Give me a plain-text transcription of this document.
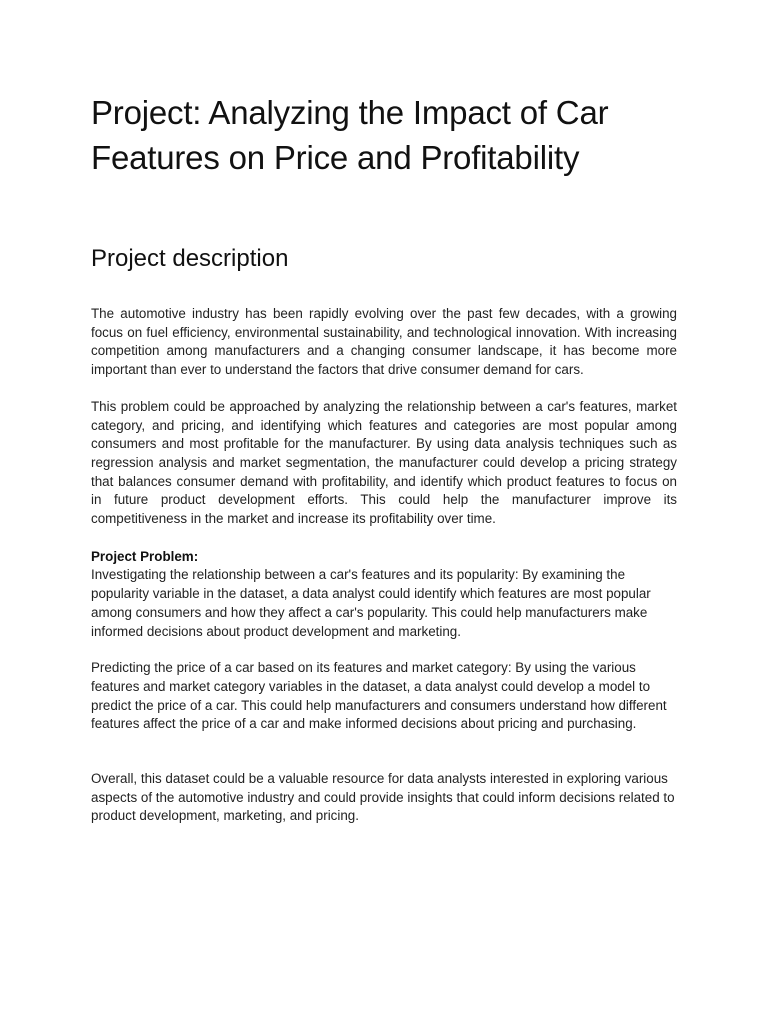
Project: Analyzing the Impact of Car Features on Price and Profitability
Project description

The automotive industry has been rapidly evolving over the past few decades, with a growing focus on fuel efficiency, environmental sustainability, and technological innovation. With increasing competition among manufacturers and a changing consumer landscape, it has become more important than ever to understand the factors that drive consumer demand for cars.

This problem could be approached by analyzing the relationship between a car's features, market category, and pricing, and identifying which features and categories are most popular among consumers and most profitable for the manufacturer. By using data analysis techniques such as regression analysis and market segmentation, the manufacturer could develop a pricing strategy that balances consumer demand with profitability, and identify which product features to focus on in future product development efforts. This could help the manufacturer improve its competitiveness in the market and increase its profitability over time.

Project Problem:

Investigating the relationship between a car's features and its popularity: By examining the popularity variable in the dataset, a data analyst could identify which features are most popular among consumers and how they affect a car's popularity. This could help manufacturers make informed decisions about product development and marketing.

Predicting the price of a car based on its features and market category: By using the various features and market category variables in the dataset, a data analyst could develop a model to predict the price of a car. This could help manufacturers and consumers understand how different features affect the price of a car and make informed decisions about pricing and purchasing.

Overall, this dataset could be a valuable resource for data analysts interested in exploring various aspects of the automotive industry and could provide insights that could inform decisions related to product development, marketing, and pricing.
